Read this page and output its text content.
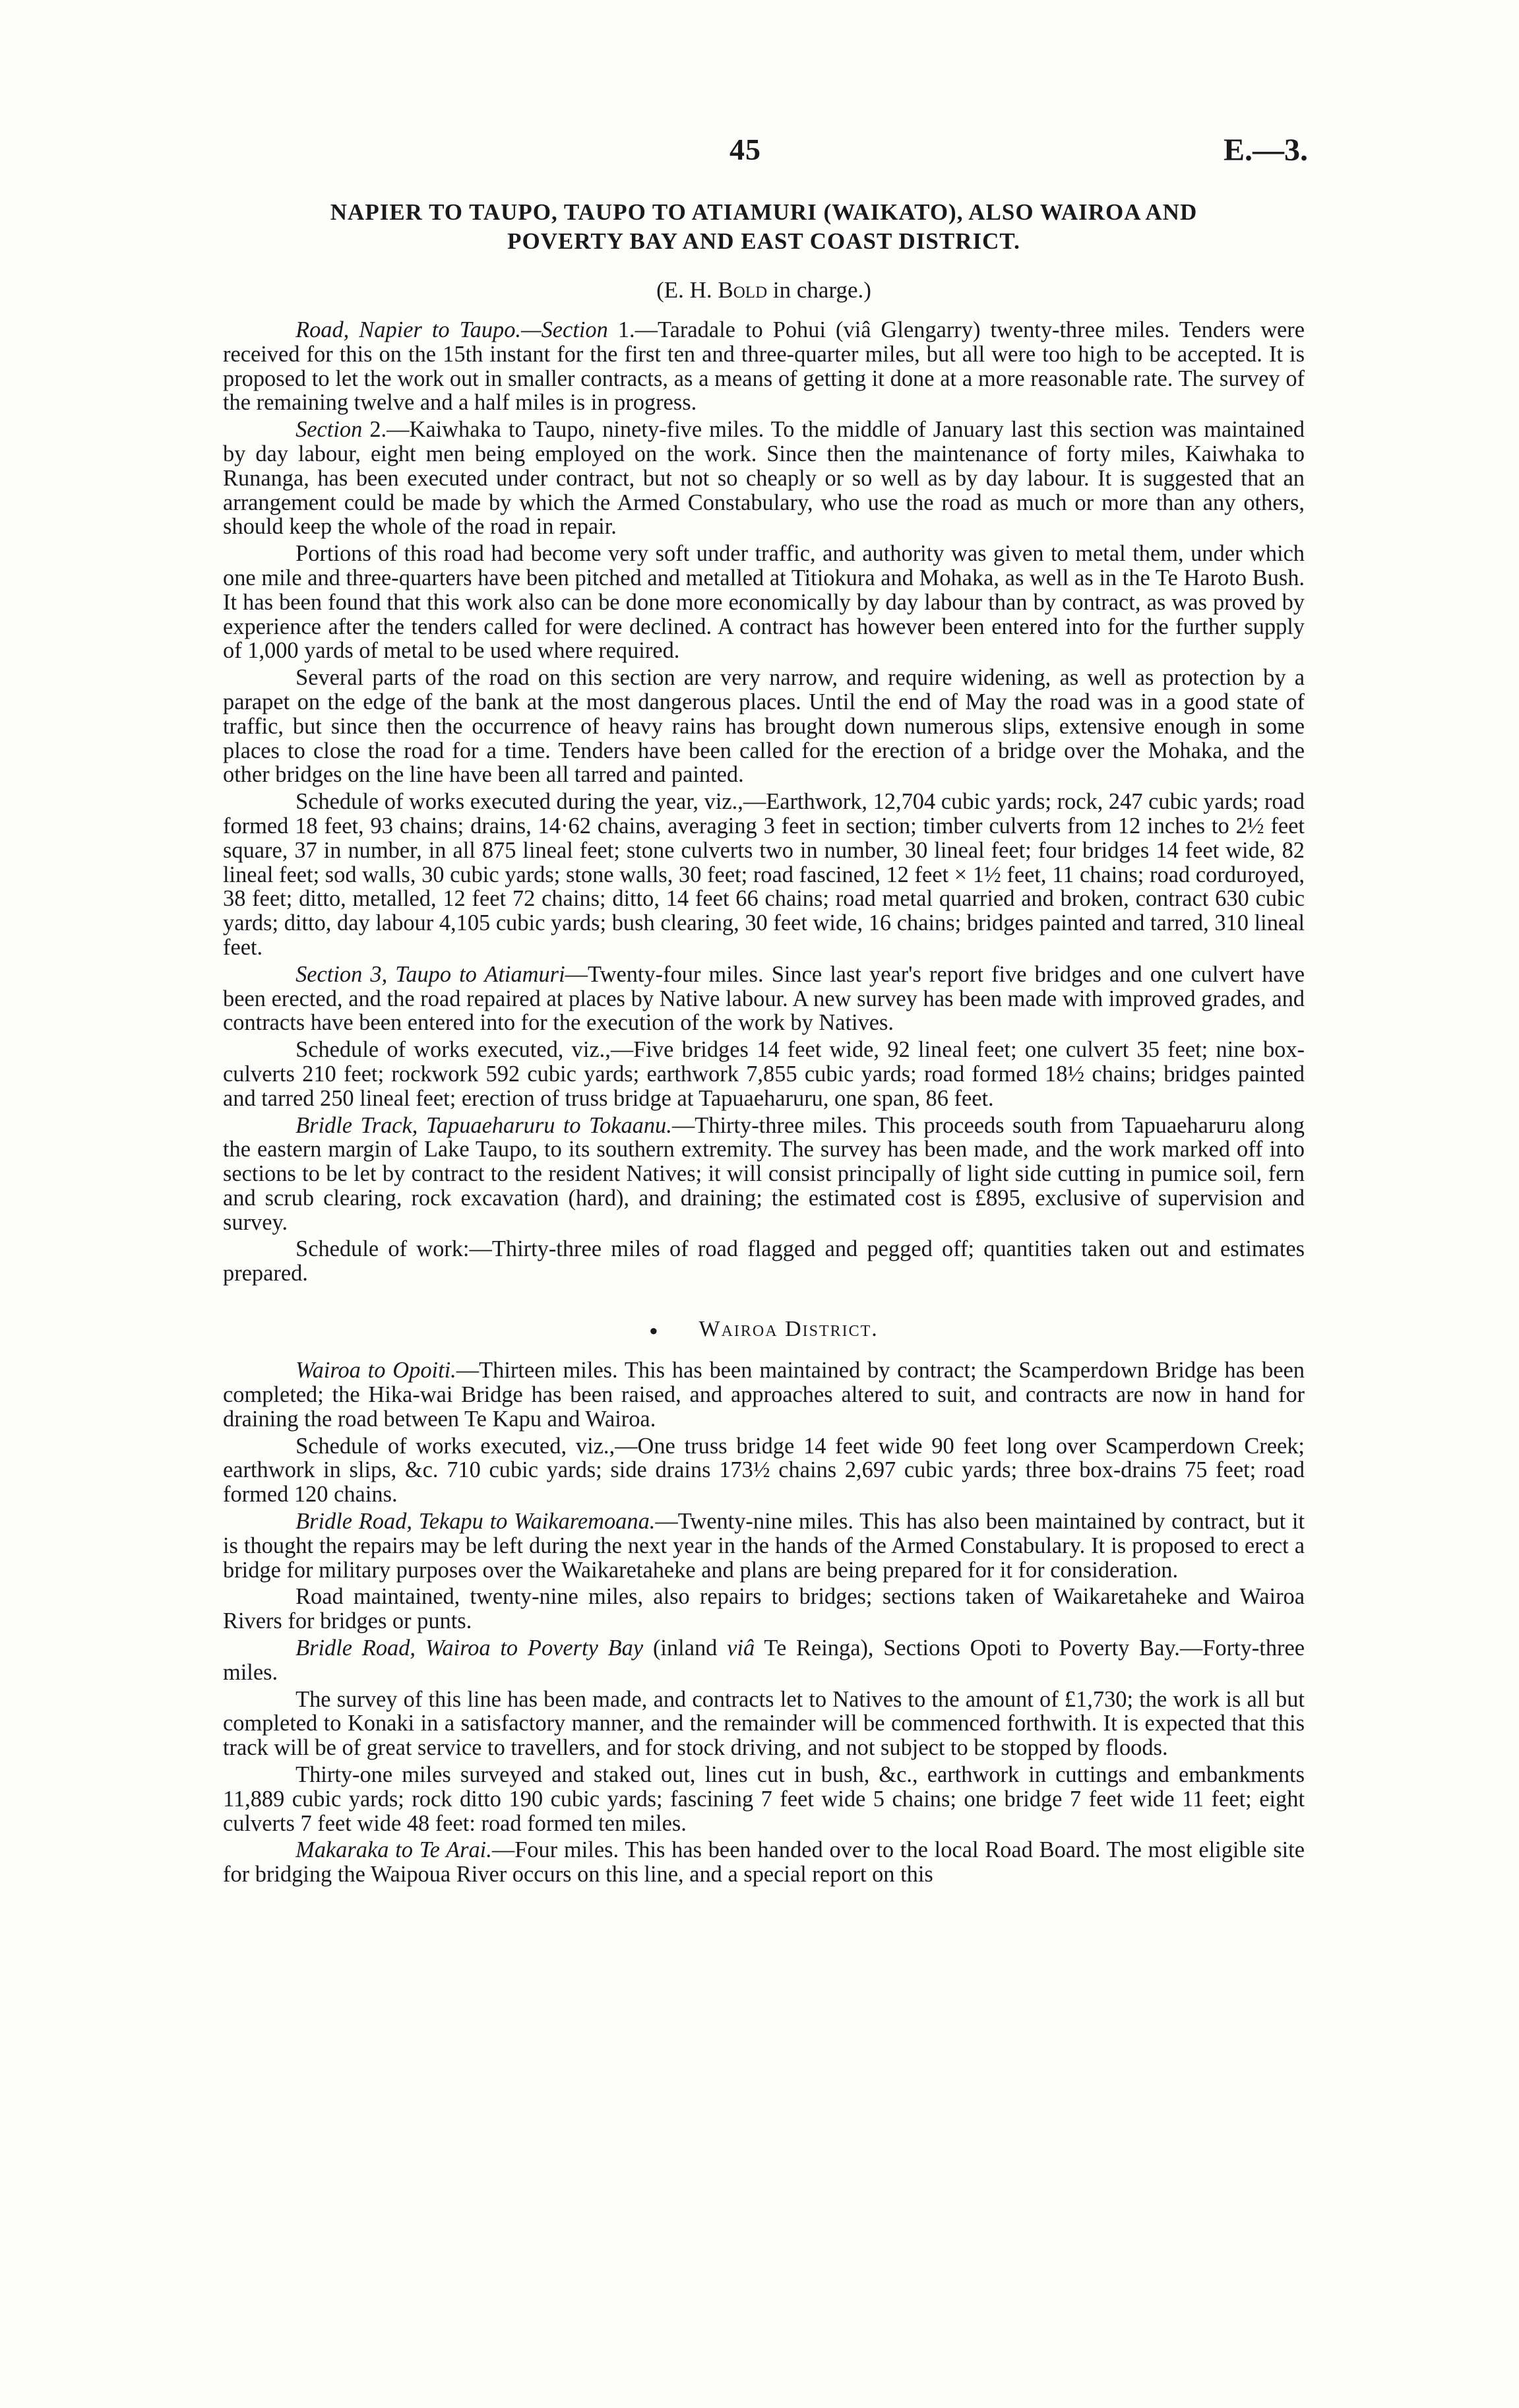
45	E.—3.
NAPIER TO TAUPO, TAUPO TO ATIAMURI (WAIKATO), ALSO WAIROA AND
POVERTY BAY AND EAST COAST DISTRICT.
(E. H. Bold in charge.)

Road, Napier to Taupo.—Section 1.—Taradale to Pohui (viâ Glengarry) twenty-three miles. Tenders were received for this on the 15th instant for the first ten and three-quarter miles, but all were too high to be accepted. It is proposed to let the work out in smaller contracts, as a means of getting it done at a more reasonable rate. The survey of the remaining twelve and a half miles is in progress.

Section 2.—Kaiwhaka to Taupo, ninety-five miles. To the middle of January last this section was maintained by day labour, eight men being employed on the work. Since then the maintenance of forty miles, Kaiwhaka to Runanga, has been executed under contract, but not so cheaply or so well as by day labour. It is suggested that an arrangement could be made by which the Armed Constabulary, who use the road as much or more than any others, should keep the whole of the road in repair.

Portions of this road had become very soft under traffic, and authority was given to metal them, under which one mile and three-quarters have been pitched and metalled at Titiokura and Mohaka, as well as in the Te Haroto Bush. It has been found that this work also can be done more economically by day labour than by contract, as was proved by experience after the tenders called for were declined. A contract has however been entered into for the further supply of 1,000 yards of metal to be used where required.

Several parts of the road on this section are very narrow, and require widening, as well as protection by a parapet on the edge of the bank at the most dangerous places. Until the end of May the road was in a good state of traffic, but since then the occurrence of heavy rains has brought down numerous slips, extensive enough in some places to close the road for a time. Tenders have been called for the erection of a bridge over the Mohaka, and the other bridges on the line have been all tarred and painted.

Schedule of works executed during the year, viz.,—Earthwork, 12,704 cubic yards; rock, 247 cubic yards; road formed 18 feet, 93 chains; drains, 14·62 chains, averaging 3 feet in section; timber culverts from 12 inches to 2½ feet square, 37 in number, in all 875 lineal feet; stone culverts two in number, 30 lineal feet; four bridges 14 feet wide, 82 lineal feet; sod walls, 30 cubic yards; stone walls, 30 feet; road fascined, 12 feet × 1½ feet, 11 chains; road corduroyed, 38 feet; ditto, metalled, 12 feet 72 chains; ditto, 14 feet 66 chains; road metal quarried and broken, contract 630 cubic yards; ditto, day labour 4,105 cubic yards; bush clearing, 30 feet wide, 16 chains; bridges painted and tarred, 310 lineal feet.

Section 3, Taupo to Atiamuri—Twenty-four miles. Since last year's report five bridges and one culvert have been erected, and the road repaired at places by Native labour. A new survey has been made with improved grades, and contracts have been entered into for the execution of the work by Natives.

Schedule of works executed, viz.,—Five bridges 14 feet wide, 92 lineal feet; one culvert 35 feet; nine box-culverts 210 feet; rockwork 592 cubic yards; earthwork 7,855 cubic yards; road formed 18½ chains; bridges painted and tarred 250 lineal feet; erection of truss bridge at Tapuaeharuru, one span, 86 feet.

Bridle Track, Tapuaeharuru to Tokaanu.—Thirty-three miles. This proceeds south from Tapuaeharuru along the eastern margin of Lake Taupo, to its southern extremity. The survey has been made, and the work marked off into sections to be let by contract to the resident Natives; it will consist principally of light side cutting in pumice soil, fern and scrub clearing, rock excavation (hard), and draining; the estimated cost is £895, exclusive of supervision and survey.

Schedule of work:—Thirty-three miles of road flagged and pegged off; quantities taken out and estimates prepared.

● Wairoa District.

Wairoa to Opoiti.—Thirteen miles. This has been maintained by contract; the Scamperdown Bridge has been completed; the Hika-wai Bridge has been raised, and approaches altered to suit, and contracts are now in hand for draining the road between Te Kapu and Wairoa.

Schedule of works executed, viz.,—One truss bridge 14 feet wide 90 feet long over Scamperdown Creek; earthwork in slips, &c. 710 cubic yards; side drains 173½ chains 2,697 cubic yards; three box-drains 75 feet; road formed 120 chains.

Bridle Road, Tekapu to Waikaremoana.—Twenty-nine miles. This has also been maintained by contract, but it is thought the repairs may be left during the next year in the hands of the Armed Constabulary. It is proposed to erect a bridge for military purposes over the Waikaretaheke and plans are being prepared for it for consideration.

Road maintained, twenty-nine miles, also repairs to bridges; sections taken of Waikaretaheke and Wairoa Rivers for bridges or punts.

Bridle Road, Wairoa to Poverty Bay (inland viâ Te Reinga), Sections Opoti to Poverty Bay.—Forty-three miles.

The survey of this line has been made, and contracts let to Natives to the amount of £1,730; the work is all but completed to Konaki in a satisfactory manner, and the remainder will be commenced forthwith. It is expected that this track will be of great service to travellers, and for stock driving, and not subject to be stopped by floods.

Thirty-one miles surveyed and staked out, lines cut in bush, &c., earthwork in cuttings and embankments 11,889 cubic yards; rock ditto 190 cubic yards; fascining 7 feet wide 5 chains; one bridge 7 feet wide 11 feet; eight culverts 7 feet wide 48 feet: road formed ten miles.

Makaraka to Te Arai.—Four miles. This has been handed over to the local Road Board. The most eligible site for bridging the Waipoua River occurs on this line, and a special report on this
